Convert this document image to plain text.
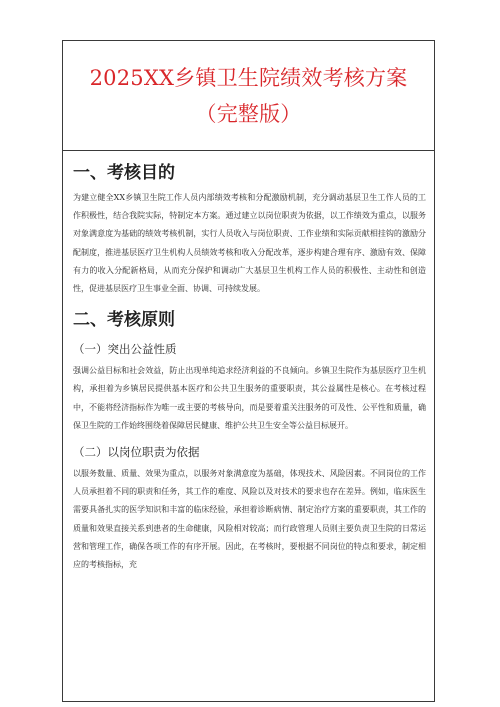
2025XX乡镇卫生院绩效考核方案
（完整版）
一、考核目的

为建立健全XX乡镇卫生院工作人员内部绩效考核和分配激励机制，充分调动基层卫生工作人员的工作积极性，结合我院实际，特制定本方案。通过建立以岗位职责为依据，以工作绩效为重点，以服务对象满意度为基础的绩效考核机制，实行人员收入与岗位职责、工作业绩和实际贡献相挂钩的激励分配制度，推进基层医疗卫生机构人员绩效考核和收入分配改革，逐步构建合理有序、激励有效、保障有力的收入分配新格局，从而充分保护和调动广大基层卫生机构工作人员的积极性、主动性和创造性，促进基层医疗卫生事业全面、协调、可持续发展。

二、考核原则
（一）突出公益性质

强调公益目标和社会效益，防止出现单纯追求经济利益的不良倾向。乡镇卫生院作为基层医疗卫生机构，承担着为乡镇居民提供基本医疗和公共卫生服务的重要职责，其公益属性是核心。在考核过程中，不能将经济指标作为唯一或主要的考核导向，而是要着重关注服务的可及性、公平性和质量，确保卫生院的工作始终围绕着保障居民健康、维护公共卫生安全等公益目标展开。

（二）以岗位职责为依据

以服务数量、质量、效果为重点，以服务对象满意度为基础，体现技术、风险因素。不同岗位的工作人员承担着不同的职责和任务，其工作的难度、风险以及对技术的要求也存在差异。例如，临床医生需要具备扎实的医学知识和丰富的临床经验，承担着诊断病情、制定治疗方案的重要职责，其工作的质量和效果直接关系到患者的生命健康，风险相对较高；而行政管理人员则主要负责卫生院的日常运营和管理工作，确保各项工作的有序开展。因此，在考核时，要根据不同岗位的特点和要求，制定相应的考核指标，充
